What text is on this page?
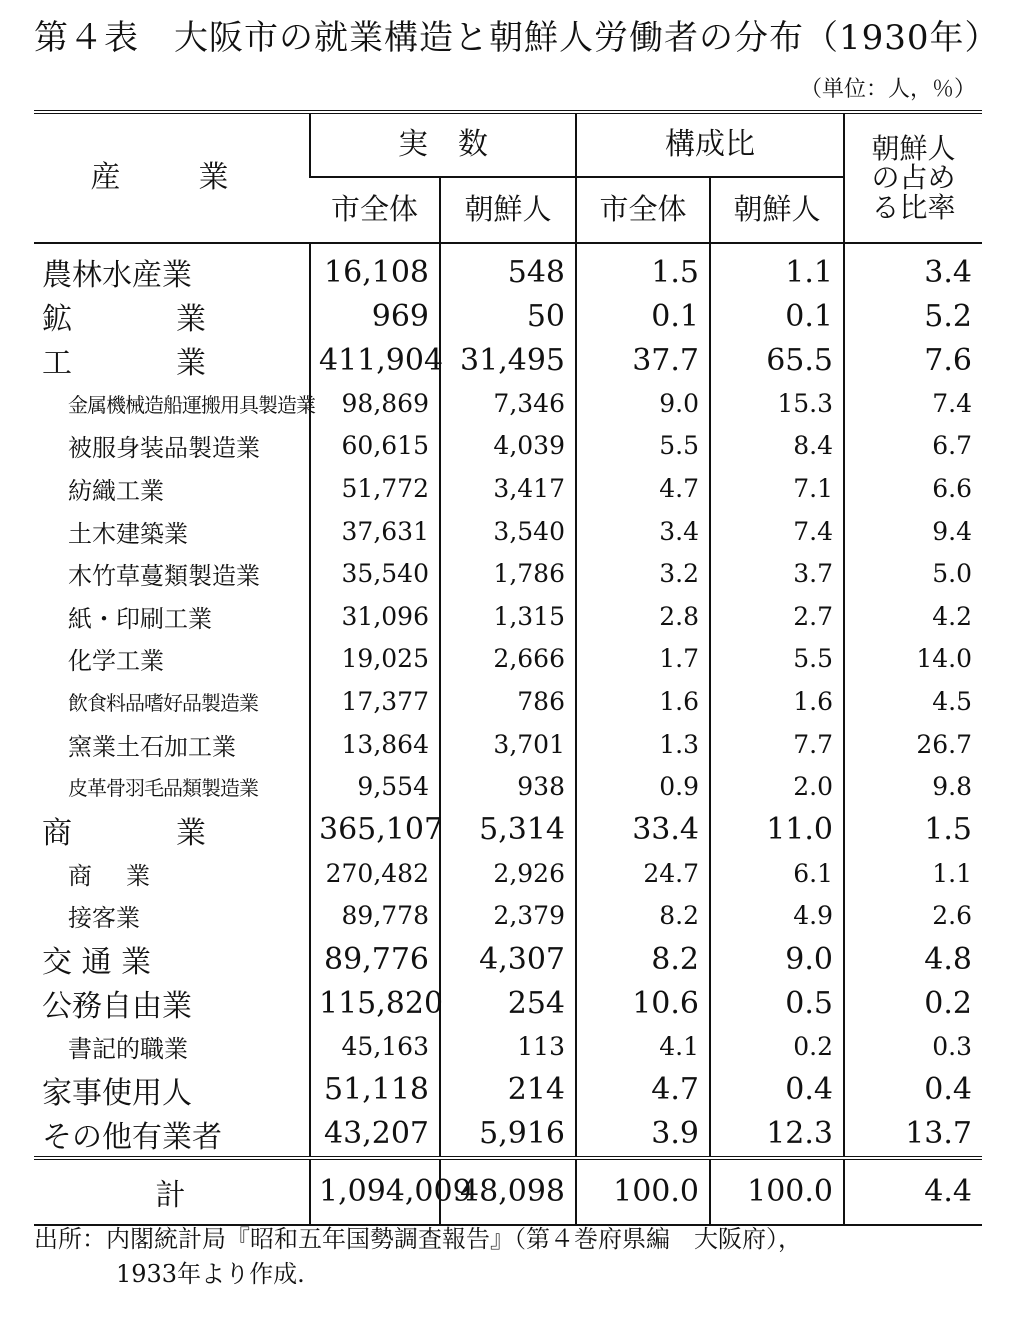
第４表　大阪市の就業構造と朝鮮人労働者の分布（1930年）
（単位：人，％）
産　業	実　数		構成比		朝鮮人
の占め
る比率
	市全体	朝鮮人	市全体	朝鮮人	
農林水産業	16,108	548	1.5	1.1	3.4

鉱 業	969	50	0.1	0.1	5.2

工 業	411,904	31,495	37.7	65.5	7.6
金属機械造船運搬用具製造業	98,869	7,346	9.0	15.3	7.4
被服身装品製造業	60,615	4,039	5.5	8.4	6.7
紡織工業	51,772	3,417	4.7	7.1	6.6
土木建築業	37,631	3,540	3.4	7.4	9.4
木竹草蔓類製造業	35,540	1,786	3.2	3.7	5.0
紙・印刷工業	31,096	1,315	2.8	2.7	4.2
化学工業	19,025	2,666	1.7	5.5	14.0
飲食料品嗜好品製造業	17,377	786	1.6	1.6	4.5
窯業土石加工業	13,864	3,701	1.3	7.7	26.7
皮革骨羽毛品類製造業	9,554	938	0.9	2.0	9.8

商 業	365,107	5,314	33.4	11.0	1.5

商 業	270,482	2,926	24.7	6.1	1.1
接客業	89,778	2,379	8.2	4.9	2.6
交 通 業	89,776	4,307	8.2	9.0	4.8
公務自由業	115,820	254	10.6	0.5	0.2
書記的職業	45,163	113	4.1	0.2	0.3
家事使用人	51,118	214	4.7	0.4	0.4
その他有業者	43,207	5,916	3.9	12.3	13.7
計	1,094,009	48,098	100.0	100.0	4.4
出所：内閣統計局『昭和五年国勢調査報告』（第４巻府県編　大阪府），
1933年より作成.
